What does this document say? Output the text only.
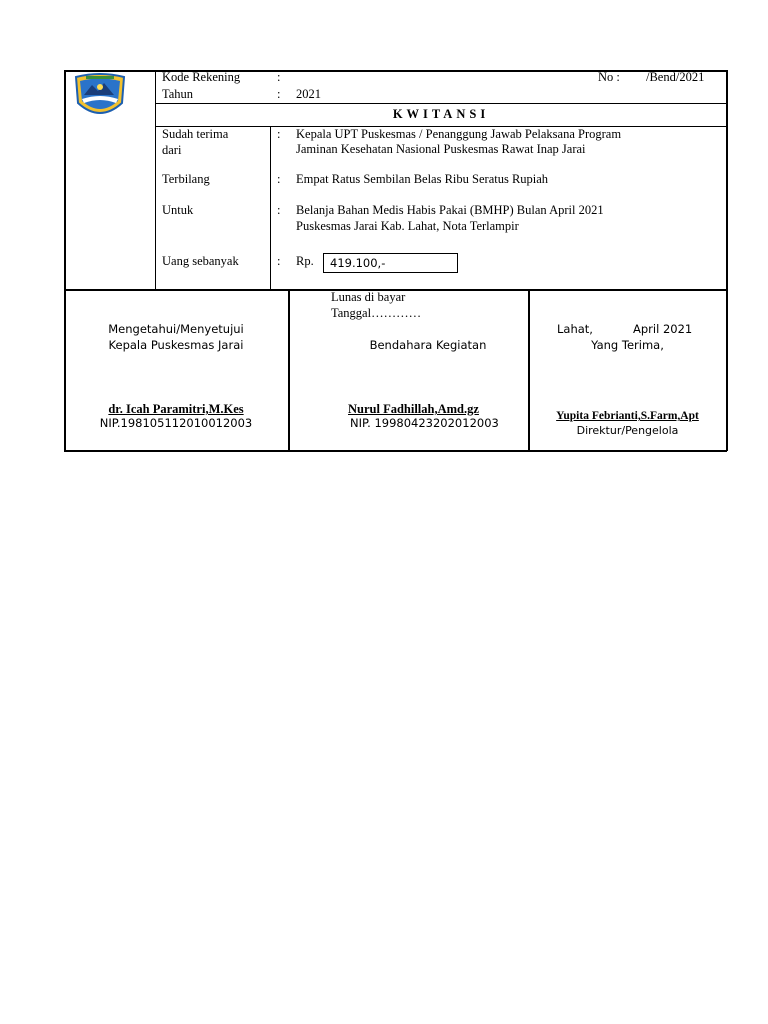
Kode Rekening	:
Tahun	: 2021
No : /Bend/2021
KWITANSI
Sudah terima
dari
: Kepala UPT Puskesmas / Penanggung Jawab Pelaksana Program
Jaminan Kesehatan Nasional Puskesmas Rawat Inap Jarai
Terbilang	: Empat Ratus Sembilan Belas Ribu Seratus Rupiah
Untuk	: Belanja Bahan Medis Habis Pakai (BMHP) Bulan April 2021
Puskesmas Jarai Kab. Lahat, Nota Terlampir
Uang sebanyak	: Rp. 419.100,-
Mengetahui/Menyetujui
Kepala Puskesmas Jarai
dr. Icah Paramitri,M.Kes
NIP.198105112010012003
Lunas di bayar
Tanggal…………
Bendahara Kegiatan
Nurul Fadhillah,Amd.gz
NIP. 19980423202012003
Lahat,	April 2021
Yang Terima,
Yupita Febrianti,S.Farm,Apt
Direktur/Pengelola
